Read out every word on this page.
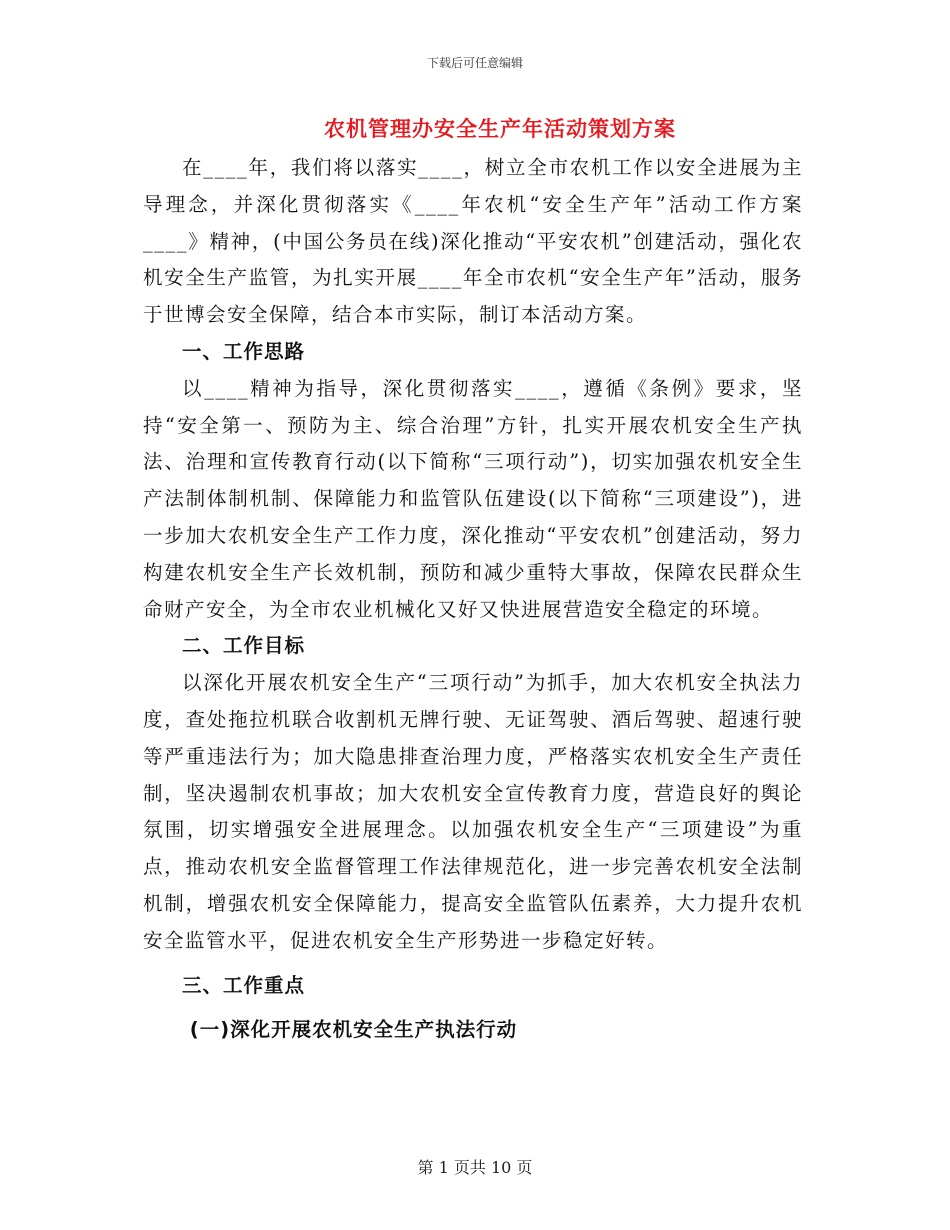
下载后可任意编辑
农机管理办安全生产年活动策划方案

在____年，我们将以落实____，树立全市农机工作以安全进展为主导理念，并深化贯彻落实《____年农机“安全生产年”活动工作方案____》精神，(中国公务员在线)深化推动“平安农机”创建活动，强化农机安全生产监管，为扎实开展____年全市农机“安全生产年”活动，服务于世博会安全保障，结合本市实际，制订本活动方案。

一、工作思路

以____精神为指导，深化贯彻落实____，遵循《条例》要求，坚持“安全第一、预防为主、综合治理”方针，扎实开展农机安全生产执法、治理和宣传教育行动(以下简称“三项行动”)，切实加强农机安全生产法制体制机制、保障能力和监管队伍建设(以下简称“三项建设”)，进一步加大农机安全生产工作力度，深化推动“平安农机”创建活动，努力构建农机安全生产长效机制，预防和减少重特大事故，保障农民群众生命财产安全，为全市农业机械化又好又快进展营造安全稳定的环境。

二、工作目标

以深化开展农机安全生产“三项行动”为抓手，加大农机安全执法力度，查处拖拉机联合收割机无牌行驶、无证驾驶、酒后驾驶、超速行驶等严重违法行为；加大隐患排查治理力度，严格落实农机安全生产责任制，坚决遏制农机事故；加大农机安全宣传教育力度，营造良好的舆论氛围，切实增强安全进展理念。以加强农机安全生产“三项建设”为重点，推动农机安全监督管理工作法律规范化，进一步完善农机安全法制机制，增强农机安全保障能力，提高安全监管队伍素养，大力提升农机安全监管水平，促进农机安全生产形势进一步稳定好转。

三、工作重点

(一)深化开展农机安全生产执法行动

第 1 页共 10 页
